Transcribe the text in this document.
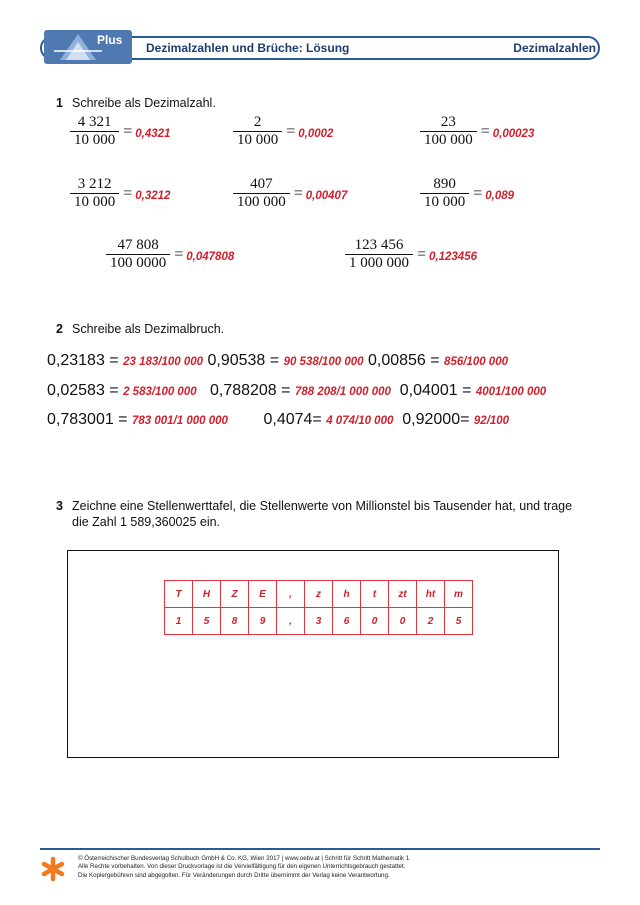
Plus
Dezimalzahlen und Brüche: Lösung	Dezimalzahlen
1 Schreibe als Dezimalzahl.
$\frac{4 321}{10 000} = 0,4321$	$\frac{2}{10 000} = 0,0002$	$\frac{23}{100 000} = 0,00023$
$\frac{3 212}{10 000} = 0,3212$	$\frac{407}{100 000} = 0,00407$	$\frac{890}{10 000} = 0,089$
$\frac{47 808}{100 0000} = 0,047808$	$\frac{123 456}{1 000 000} = 0,123456$
2 Schreibe als Dezimalbruch.
0,23183 = 23 183/100 000 0,90538 = 90 538/100 000 0,00856 = 856/100 000
0,02583 = 2 583/100 000 0,788208 = 788 208/1 000 000 0,04001 = 4001/100 000
0,783001 = 783 001/1 000 000 0,4074= 4 074/10 000 0,92000= 92/100
3 Zeichne eine Stellenwerttafel, die Stellenwerte von Millionstel bis Tausender hat, und trage
die Zahl 1 589,360025 ein.
T	H	Z	E	,	z	h	t	zt	ht	m
1	5	8	9	,	3	6	0	0	2	5
© Österreichischer Bundesverlag Schulbuch GmbH & Co. KG, Wien 2017 | www.oebv.at | Schritt für Schritt Mathematik 1
Alle Rechte vorbehalten. Von dieser Druckvorlage ist die Vervielfältigung für den eigenen Unterrichtsgebrauch gestattet.
Die Kopiergebühren sind abgegolten. Für Veränderungen durch Dritte übernimmt der Verlag keine Verantwortung.
